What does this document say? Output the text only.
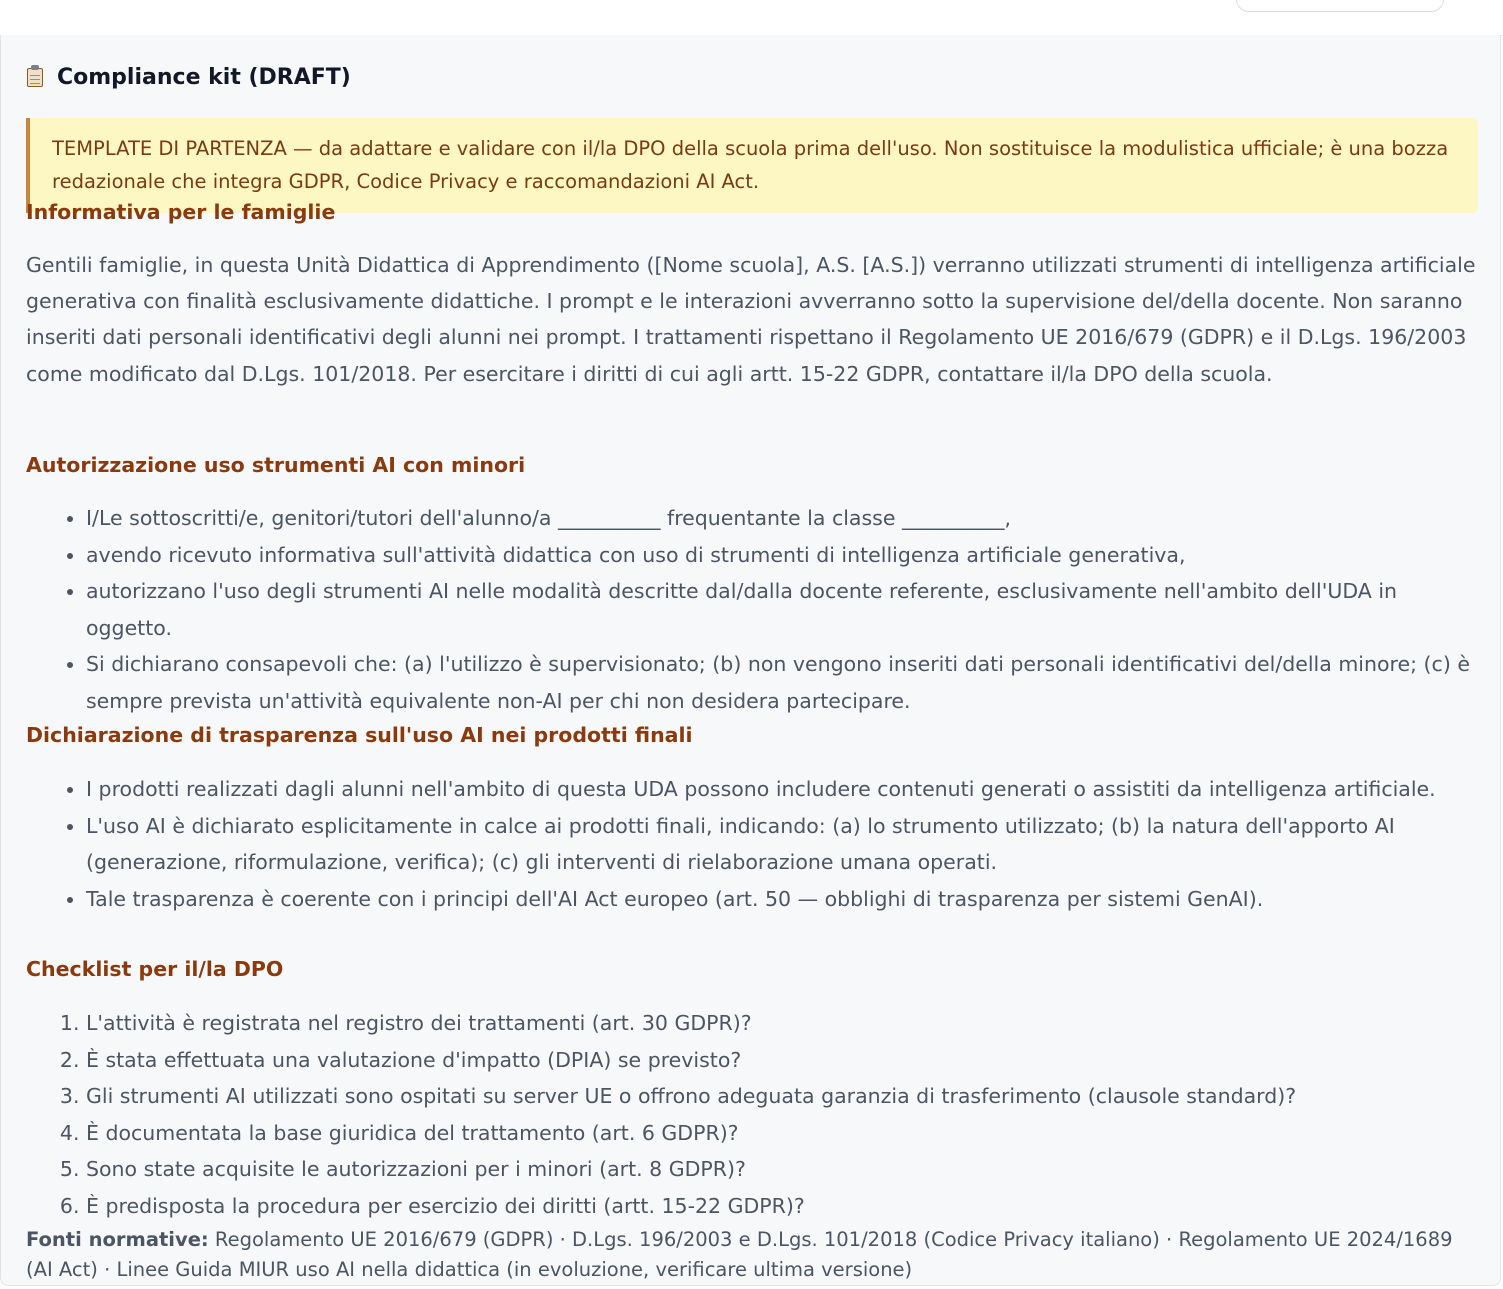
Compliance kit (DRAFT)
TEMPLATE DI PARTENZA — da adattare e validare con il/la DPO della scuola prima dell'uso. Non sostituisce la modulistica ufficiale; è una bozza redazionale che integra GDPR, Codice Privacy e raccomandazioni AI Act.
Informativa per le famiglie

Gentili famiglie, in questa Unità Didattica di Apprendimento ([Nome scuola], A.S. [A.S.]) verranno utilizzati strumenti di intelligenza artificiale generativa con finalità esclusivamente didattiche. I prompt e le interazioni avverranno sotto la supervisione del/della docente. Non saranno inseriti dati personali identificativi degli alunni nei prompt. I trattamenti rispettano il Regolamento UE 2016/679 (GDPR) e il D.Lgs. 196/2003 come modificato dal D.Lgs. 101/2018. Per esercitare i diritti di cui agli artt. 15-22 GDPR, contattare il/la DPO della scuola.

Autorizzazione uso strumenti AI con minori
• I/Le sottoscritti/e, genitori/tutori dell'alunno/a __________ frequentante la classe __________,
• avendo ricevuto informativa sull'attività didattica con uso di strumenti di intelligenza artificiale generativa,
• autorizzano l'uso degli strumenti AI nelle modalità descritte dal/dalla docente referente, esclusivamente nell'ambito dell'UDA in oggetto.
• Si dichiarano consapevoli che: (a) l'utilizzo è supervisionato; (b) non vengono inseriti dati personali identificativi del/della minore; (c) è sempre prevista un'attività equivalente non-AI per chi non desidera partecipare.
Dichiarazione di trasparenza sull'uso AI nei prodotti finali
• I prodotti realizzati dagli alunni nell'ambito di questa UDA possono includere contenuti generati o assistiti da intelligenza artificiale.
• L'uso AI è dichiarato esplicitamente in calce ai prodotti finali, indicando: (a) lo strumento utilizzato; (b) la natura dell'apporto AI (generazione, riformulazione, verifica); (c) gli interventi di rielaborazione umana operati.
• Tale trasparenza è coerente con i principi dell'AI Act europeo (art. 50 — obblighi di trasparenza per sistemi GenAI).
Checklist per il/la DPO
1. L'attività è registrata nel registro dei trattamenti (art. 30 GDPR)?
2. È stata effettuata una valutazione d'impatto (DPIA) se previsto?
3. Gli strumenti AI utilizzati sono ospitati su server UE o offrono adeguata garanzia di trasferimento (clausole standard)?
4. È documentata la base giuridica del trattamento (art. 6 GDPR)?
5. Sono state acquisite le autorizzazioni per i minori (art. 8 GDPR)?
6. È predisposta la procedura per esercizio dei diritti (artt. 15-22 GDPR)?

Fonti normative: Regolamento UE 2016/679 (GDPR) · D.Lgs. 196/2003 e D.Lgs. 101/2018 (Codice Privacy italiano) · Regolamento UE 2024/1689 (AI Act) · Linee Guida MIUR uso AI nella didattica (in evoluzione, verificare ultima versione)
